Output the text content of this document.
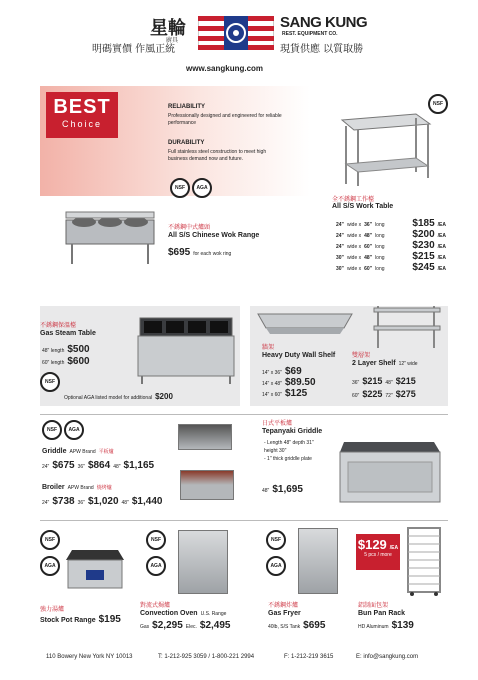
星輪
廚具
SANG KUNG
REST. EQUIPMENT CO.
明碼實價 作風正統	現貨供應 以質取勝
www.sangkung.com
BEST
Choice
RELIABILITY
Professionally designed and engineered for reliable performance
DURABILITY
Full stainless steel construction to meet high business demand now and future.
NSF	AGA
不銹鋼中式爐頭
All S/S Chinese Wok Range
$695 for each wok ring
NSF
全不銹鋼工作檯
All S/S Work Table
24" wide x 36" long	$185 /EA
24" wide x 48" long	$200 /EA
24" wide x 60" long	$230 /EA
30" wide x 48" long	$215 /EA
30" wide x 60" long	$245 /EA
不銹鋼保溫檯
Gas Steam Table
48" length $500
60" length $600
NSF
Optional AGA listed model for additional $200
牆架
Heavy Duty Wall Shelf
14" x 36" $69
14" x 48" $89.50
14" x 60" $125
雙層架
2 Layer Shelf 12" wide
36" $215 48" $215
60" $225 72" $275
NSF	AGA
Griddle APW Brand 平板爐
24" $675 36" $864 48" $1,165
Broiler APW Brand 燒烤爐
24" $738 36" $1,020 48" $1,440
日式平板爐
Tepanyaki Griddle
- Length 48" depth 31"
height 30"
- 1" thick griddle plate
48" $1,695
NSF
AGA
強力湯爐
Stock Pot Range $195
NSF
AGA
對流式焗爐
Convection Oven U.S. Range
Gas $2,295 Elec. $2,495
NSF
AGA
不銹鋼炸爐
Gas Fryer
40lb, S/S Tank $695
$129 /EA
5 pcs / more
鋁制面包架
Bun Pan Rack
HD Aluminum $139
110 Bowery New York NY 10013	T: 1-212-925 3059 / 1-800-221 2994	F: 1-212-219 3615	E: info@sangkung.com
